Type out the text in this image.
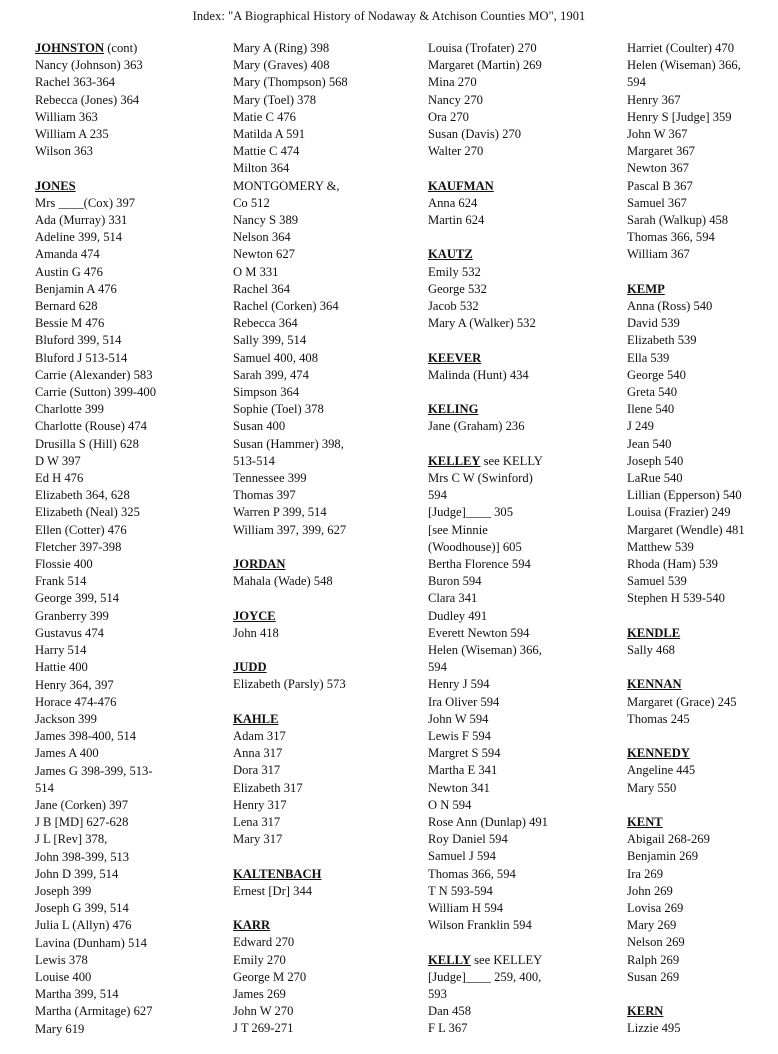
Index: "A Biographical History of Nodaway & Atchison Counties MO", 1901
JOHNSTON (cont)
Nancy (Johnson) 363
Rachel 363-364
Rebecca (Jones) 364
William 363
William A 235
Wilson 363
JONES
Mrs ____(Cox) 397
Ada (Murray) 331
Adeline 399, 514
Amanda 474
Austin G 476
Benjamin A 476
Bernard 628
Bessie M 476
Bluford 399, 514
Bluford J 513-514
Carrie (Alexander) 583
Carrie (Sutton) 399-400
Charlotte 399
Charlotte (Rouse) 474
Drusilla S (Hill) 628
D W 397
Ed H 476
Elizabeth 364, 628
Elizabeth (Neal) 325
Ellen (Cotter) 476
Fletcher 397-398
Flossie 400
Frank 514
George 399, 514
Granberry 399
Gustavus 474
Harry 514
Hattie 400
Henry 364, 397
Horace 474-476
Jackson 399
James 398-400, 514
James A 400
James G 398-399, 513-
514
Jane (Corken) 397
J B [MD] 627-628
J L [Rev] 378,
John 398-399, 513
John D 399, 514
Joseph 399
Joseph G 399, 514
Julia L (Allyn) 476
Lavina (Dunham) 514
Lewis 378
Louise 400
Martha 399, 514
Martha (Armitage) 627
Mary 619
Mary A (Ring) 398
Mary (Graves) 408
Mary (Thompson) 568
Mary (Toel) 378
Matie C 476
Matilda A 591
Mattie C 474
Milton 364
MONTGOMERY &,
Co 512
Nancy S 389
Nelson 364
Newton 627
O M 331
Rachel 364
Rachel (Corken) 364
Rebecca 364
Sally 399, 514
Samuel 400, 408
Sarah 399, 474
Simpson 364
Sophie (Toel) 378
Susan 400
Susan (Hammer) 398,
513-514
Tennessee 399
Thomas 397
Warren P 399, 514
William 397, 399, 627
JORDAN
Mahala (Wade) 548
JOYCE
John 418
JUDD
Elizabeth (Parsly) 573
KAHLE
Adam 317
Anna 317
Dora 317
Elizabeth 317
Henry 317
Lena 317
Mary 317
KALTENBACH
Ernest [Dr] 344
KARR
Edward 270
Emily 270
George M 270
James 269
John W 270
J T 269-271
Louisa (Trofater) 270
Margaret (Martin) 269
Mina 270
Nancy 270
Ora 270
Susan (Davis) 270
Walter 270
KAUFMAN
Anna 624
Martin 624
KAUTZ
Emily 532
George 532
Jacob 532
Mary A (Walker) 532
KEEVER
Malinda (Hunt) 434
KELING
Jane (Graham) 236
KELLEY see KELLY
Mrs C W (Swinford)
594
[Judge]____ 305
[see Minnie
(Woodhouse)] 605
Bertha Florence 594
Buron 594
Clara 341
Dudley 491
Everett Newton 594
Helen (Wiseman) 366,
594
Henry J 594
Ira Oliver 594
John W 594
Lewis F 594
Margret S 594
Martha E 341
Newton 341
O N 594
Rose Ann (Dunlap) 491
Roy Daniel 594
Samuel J 594
Thomas 366, 594
T N 593-594
William H 594
Wilson Franklin 594
KELLY see KELLEY
[Judge]____ 259, 400,
593
Dan 458
F L 367
Harriet (Coulter) 470
Helen (Wiseman) 366,
594
Henry 367
Henry S [Judge] 359
John W 367
Margaret 367
Newton 367
Pascal B 367
Samuel 367
Sarah (Walkup) 458
Thomas 366, 594
William 367
KEMP
Anna (Ross) 540
David 539
Elizabeth 539
Ella 539
George 540
Greta 540
Ilene 540
J 249
Jean 540
Joseph 540
LaRue 540
Lillian (Epperson) 540
Louisa (Frazier) 249
Margaret (Wendle) 481
Matthew 539
Rhoda (Ham) 539
Samuel 539
Stephen H 539-540
KENDLE
Sally 468
KENNAN
Margaret (Grace) 245
Thomas 245
KENNEDY
Angeline 445
Mary 550
KENT
Abigail 268-269
Benjamin 269
Ira 269
John 269
Lovisa 269
Mary 269
Nelson 269
Ralph 269
Susan 269
KERN
Lizzie 495
